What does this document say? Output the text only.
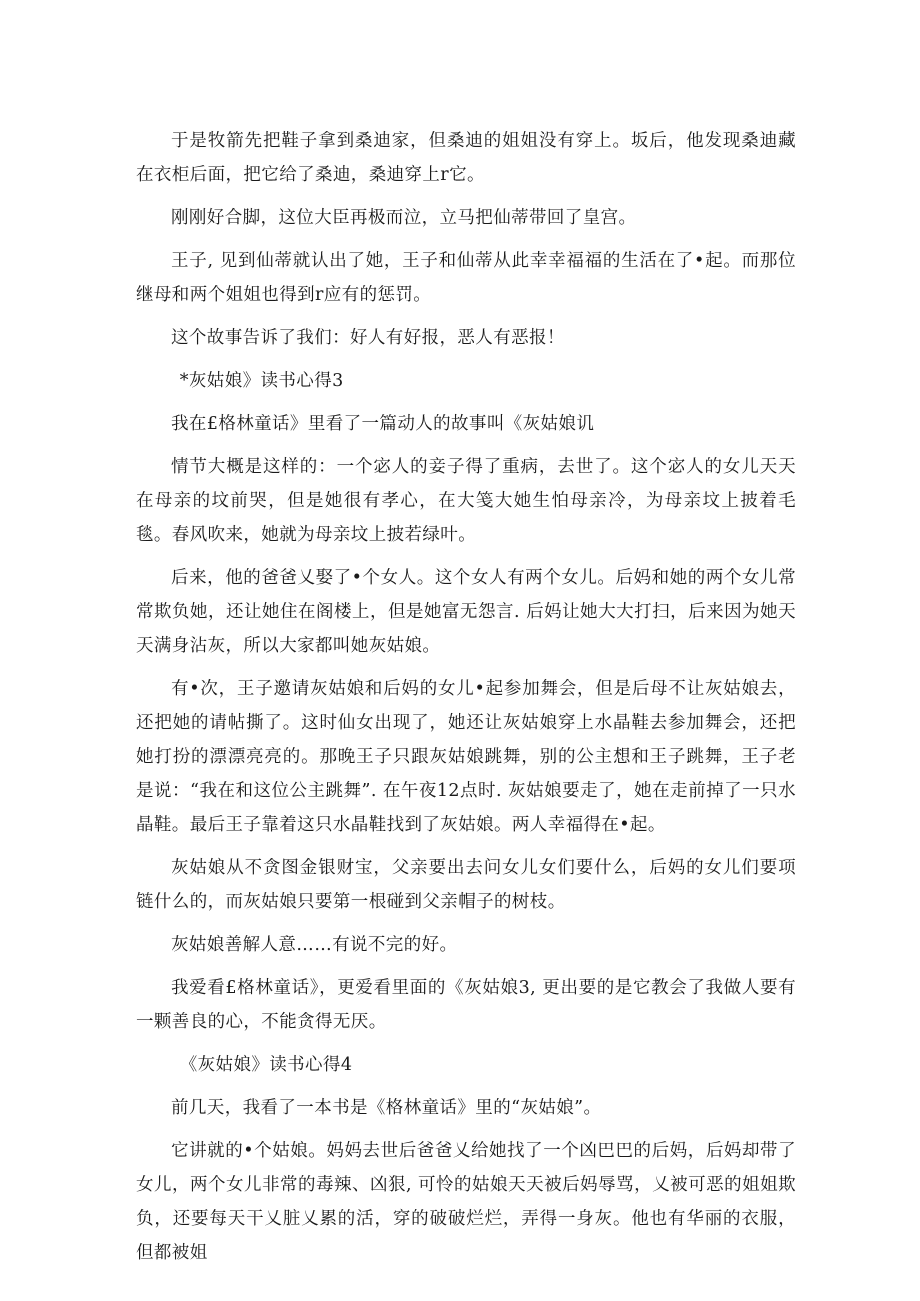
于是牧箭先把鞋子拿到桑迪家，但桑迪的姐姐没有穿上。坂后，他发现桑迪藏在衣柜后面，把它给了桑迪，桑迪穿上r它。

刚刚好合脚，这位大臣再极而泣，立马把仙蒂带回了皇宫。

王子, 见到仙蒂就认出了她，王子和仙蒂从此幸幸福福的生活在了•起。而那位继母和两个姐姐也得到r应有的惩罚。

这个故事告诉了我们：好人有好报，恶人有恶报！

*灰姑娘》读书心得3

我在£格林童话》里看了一篇动人的故事叫《灰姑娘讥

情节大概是这样的：一个宓人的妾子得了重病，去世了。这个宓人的女儿天天在母亲的坟前哭，但是她很有孝心，在大笺大她生怕母亲冷，为母亲坟上披着毛毯。春风吹来，她就为母亲坟上披若绿叶。

后来，他的爸爸乂娶了•个女人。这个女人有两个女儿。后妈和她的两个女儿常常欺负她，还让她住在阁楼上，但是她富无怨言. 后妈让她大大打扫，后来因为她天天满身沾灰，所以大家都叫她灰姑娘。

有•次，王子邀请灰姑娘和后妈的女儿•起参加舞会，但是后母不让灰姑娘去，还把她的请帖撕了。这时仙女出现了，她还让灰姑娘穿上水晶鞋去参加舞会，还把她打扮的漂漂亮亮的。那晚王子只跟灰姑娘跳舞，别的公主想和王子跳舞，王子老是说：“我在和这位公主跳舞”. 在午夜12点时. 灰姑娘要走了，她在走前掉了一只水晶鞋。最后王子靠着这只水晶鞋找到了灰姑娘。两人幸福得在•起。

灰姑娘从不贪图金银财宝，父亲要出去问女儿女们要什么，后妈的女儿们要项链什么的，而灰姑娘只要第一根碰到父亲帽子的树枝。

灰姑娘善解人意……有说不完的好。

我爱看£格林童话》，更爱看里面的《灰姑娘3, 更出要的是它教会了我做人要有一颗善良的心，不能贪得无厌。

《灰姑娘》读书心得4

前几天，我看了一本书是《格林童话》里的“灰姑娘”。

它讲就的•个姑娘。妈妈去世后爸爸乂给她找了一个凶巴巴的后妈，后妈却带了女儿，两个女儿非常的毒辣、凶狠, 可怜的姑娘天天被后妈辱骂，乂被可恶的姐姐欺负，还要每天干乂脏乂累的活，穿的破破烂烂，弄得一身灰。他也有华丽的衣服，但都被姐
